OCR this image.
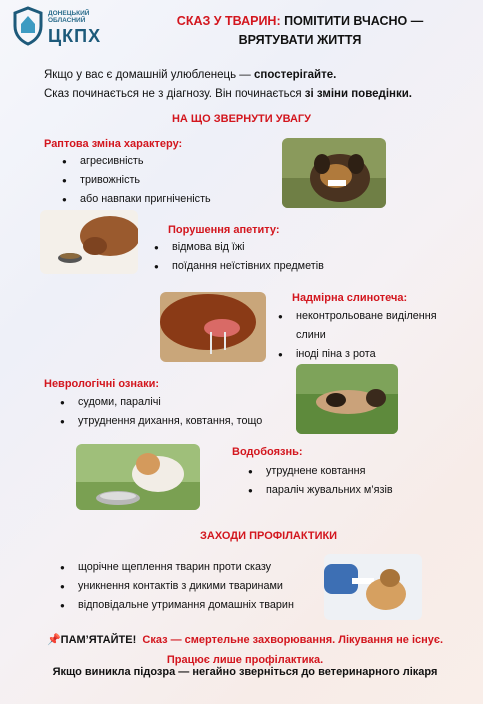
ДОНЕЦЬКИЙ ОБЛАСНИЙ
ЦКПХ
СКАЗ У ТВАРИН: ПОМІТИТИ ВЧАСНО —
ВРЯТУВАТИ ЖИТТЯ
Якщо у вас є домашній улюбленець — спостерігайте.
Сказ починається не з діагнозу. Він починається зі зміни поведінки.
НА ЩО ЗВЕРНУТИ УВАГУ
Раптова зміна характеру:
● агресивність
● тривожність
● або навпаки пригніченість
Порушення апетиту:
● відмова від їжі
● поїдання неїстівних предметів
Надмірна слинотеча:
● неконтрольоване виділення слини
● іноді піна з рота
Неврологічні ознаки:
● судоми, паралічі
● утруднення дихання, ковтання, тощо
Водобоязнь:
● утруднене ковтання
● параліч жувальних м’язів
ЗАХОДИ ПРОФІЛАКТИКИ
● щорічне щеплення тварин проти сказу
● уникнення контактів з дикими тваринами
● відповідальне утримання домашніх тварин
📌ПАМ’ЯТАЙТЕ! Сказ — смертельне захворювання. Лікування не існує.
Працює лише профілактика.
Якщо виникла підозра — негайно зверніться до ветеринарного лікаря
